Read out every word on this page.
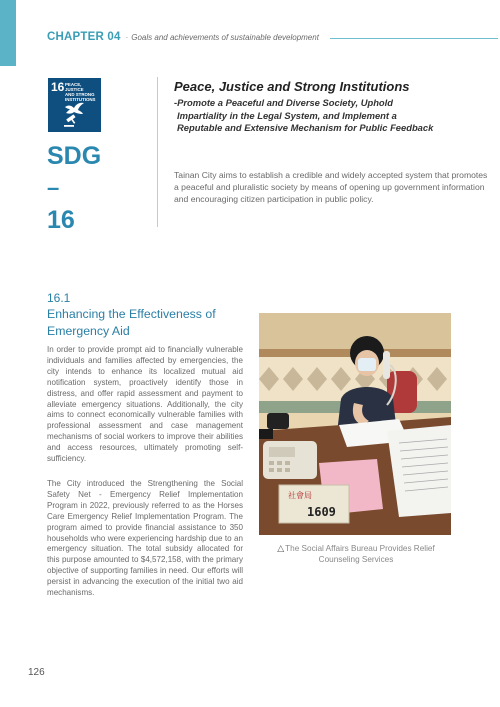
CHAPTER 04 · Goals and achievements of sustainable development
16 PEACE, JUSTICE
AND STRONG
INSTITUTIONS
SDG
–
16
Peace, Justice and Strong Institutions
-Promote a Peaceful and Diverse Society, Uphold
Impartiality in the Legal System, and Implement a
Reputable and Extensive Mechanism for Public Feedback

Tainan City aims to establish a credible and widely accepted system that promotes a peaceful and pluralistic society by means of opening up government information and encouraging citizen participation in public policy.

16.1
Enhancing the Effectiveness of Emergency Aid

In order to provide prompt aid to financially vulnerable individuals and families affected by emergencies, the city intends to enhance its localized mutual aid notification system, proactively identify those in distress, and offer rapid assessment and payment to alleviate emergency situations. Additionally, the city aims to connect economically vulnerable families with professional assessment and case management mechanisms of social workers to improve their abilities and access resources, ultimately promoting self-sufficiency.

The City introduced the Strengthening the Social Safety Net - Emergency Relief Implementation Program in 2022, previously referred to as the Horses Care Emergency Relief Implementation Program. The program aimed to provide financial assistance to 350 households who were experiencing hardship due to an emergency situation. The total subsidy allocated for this purpose amounted to $4,572,158, with the primary objective of supporting families in need. Our efforts will persist in advancing the execution of the initial two aid mechanisms.

社會局
1609
△The Social Affairs Bureau Provides Relief Counseling Services
126
